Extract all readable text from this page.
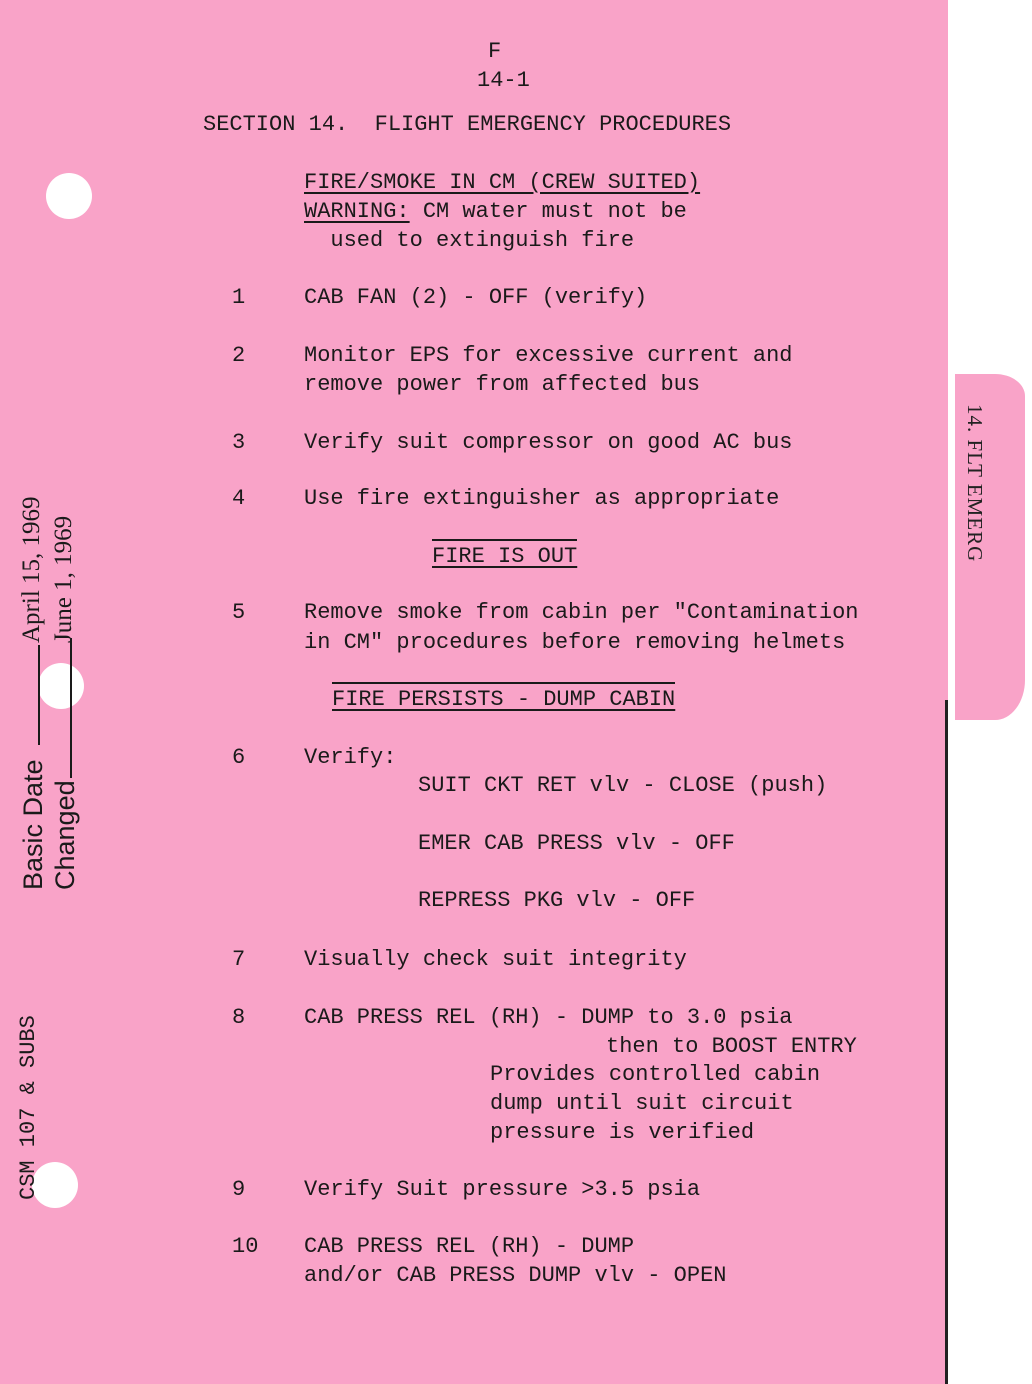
14. FLT EMERG
Basic Date
April 15, 1969
Changed
June 1, 1969
CSM 107 & SUBS
F
14-1
SECTION 14.  FLIGHT EMERGENCY PROCEDURES
FIRE/SMOKE IN CM (CREW SUITED)
WARNING: CM water must not be
used to extinguish fire
1	CAB FAN (2) - OFF (verify)
2	Monitor EPS for excessive current and
remove power from affected bus
3	Verify suit compressor on good AC bus
4	Use fire extinguisher as appropriate
FIRE IS OUT
5	Remove smoke from cabin per "Contamination
in CM" procedures before removing helmets
FIRE PERSISTS - DUMP CABIN
6	Verify:
SUIT CKT RET vlv - CLOSE (push)
EMER CAB PRESS vlv - OFF
REPRESS PKG vlv - OFF
7	Visually check suit integrity
8	CAB PRESS REL (RH) - DUMP to 3.0 psia
then to BOOST ENTRY
Provides controlled cabin
dump until suit circuit
pressure is verified
9	Verify Suit pressure >3.5 psia
10 CAB PRESS REL (RH) - DUMP
and/or CAB PRESS DUMP vlv - OPEN
